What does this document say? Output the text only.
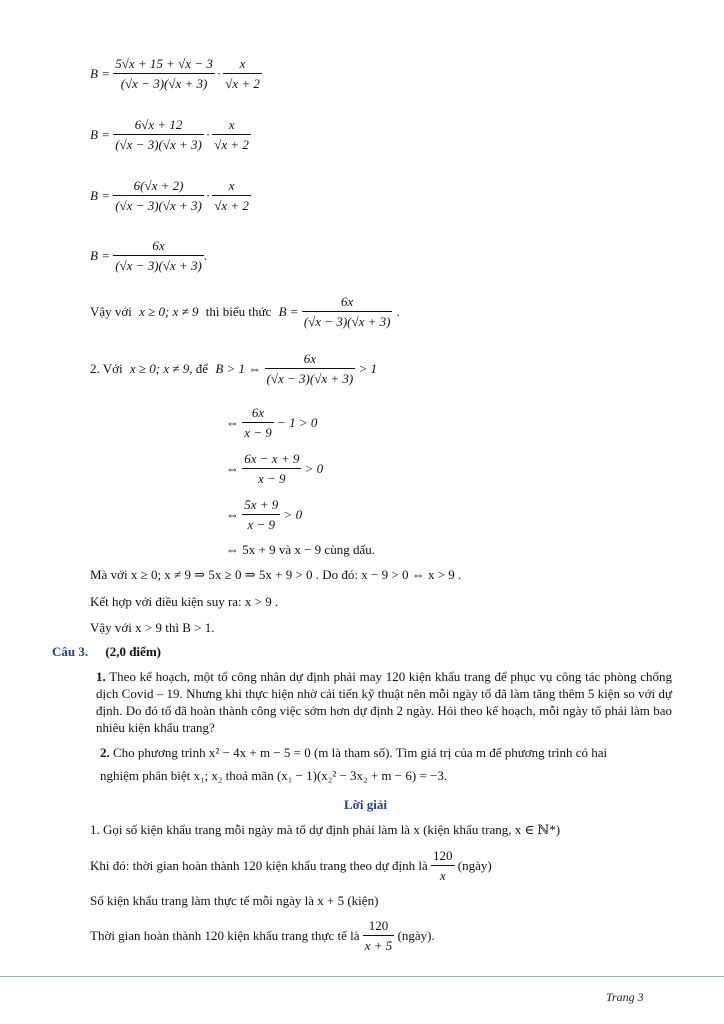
$B = \frac{5√x + 15 + √x - 3}{(√x - 3)(√x + 3)} \cdot \frac{x}{√x + 2}$
$B = \frac{6√x + 12}{(√x - 3)(√x + 3)} \cdot \frac{x}{√x + 2}$
$B = \frac{6(√x + 2)}{(√x - 3)(√x + 3)} \cdot \frac{x}{√x + 2}$
$B = \frac{6x}{(√x - 3)(√x + 3)}$ .
Vậy với x ≥ 0; x ≠ 9 thì biểu thức $B = \frac{6x}{(√x - 3)(√x + 3)}$ .
2. Với x ≥ 0; x ≠ 9, để B > 1 ⇔ $\frac{6x}{(√x - 3)(√x + 3)} > 1$
⇔ $\frac{6x}{x - 9} - 1 > 0$
⇔ $\frac{6x - x + 9}{x - 9} > 0$
⇔ $\frac{5x + 9}{x - 9} > 0$
⇔ 5x + 9 và x − 9 cùng dấu.
Mà với x ≥ 0; x ≠ 9 ⇒ 5x ≥ 0 ⇒ 5x + 9 > 0 . Do đó: x − 9 > 0 ⇔ x > 9 .
Kết hợp với điều kiện suy ra: x > 9 .
Vậy với x > 9 thì B > 1.
Câu 3. (2,0 điểm)
1. Theo kế hoạch, một tổ công nhân dự định phải may 120 kiện khẩu trang để phục vụ công tác phòng chống dịch Covid – 19. Nhưng khi thực hiện nhờ cải tiến kỹ thuật nên mỗi ngày tổ đã làm tăng thêm 5 kiện so với dự định. Do đó tổ đã hoàn thành công việc sớm hơn dự định 2 ngày. Hỏi theo kế hoạch, mỗi ngày tổ phải làm bao nhiêu kiện khẩu trang?
2. Cho phương trình x² − 4x + m − 5 = 0 (m là tham số). Tìm giá trị của m để phương trình có hai
nghiệm phân biệt x₁; x₂ thoả mãn (x₁ − 1)(x₂² − 3x₂ + m − 6) = −3.
Lời giải
1. Gọi số kiện khẩu trang mỗi ngày mà tổ dự định phải làm là x (kiện khẩu trang, x ∈ ℕ*)
Khi đó: thời gian hoàn thành 120 kiện khẩu trang theo dự định là $\frac{120}{x}$ (ngày)
Số kiện khẩu trang làm thực tế mỗi ngày là x + 5 (kiện)
Thời gian hoàn thành 120 kiện khẩu trang thực tế là $\frac{120}{x + 5}$ (ngày).
Trang 3
